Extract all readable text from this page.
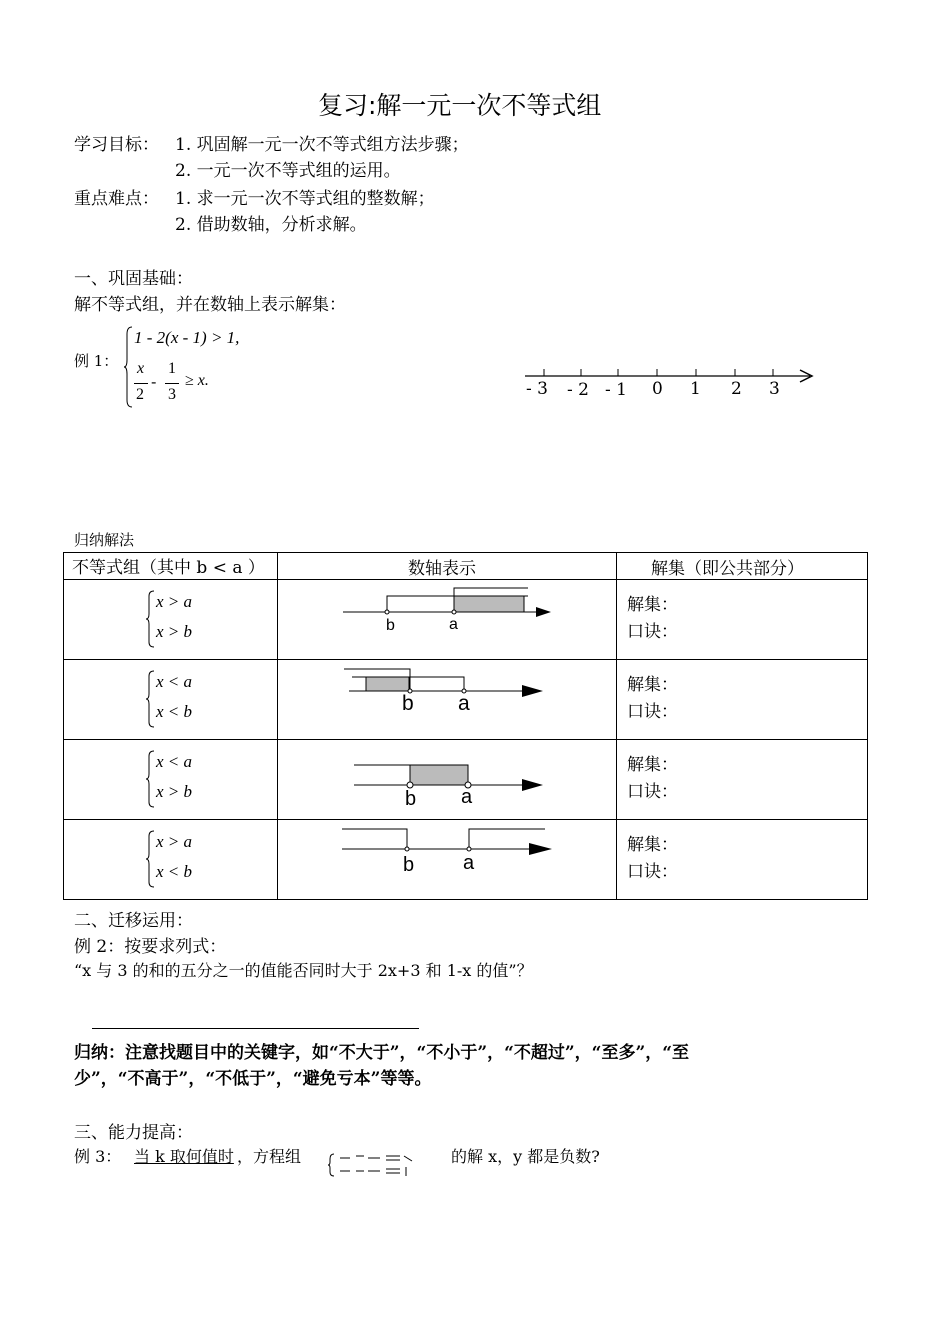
复习:解一元一次不等式组
学习目标： 1. 巩固解一元一次不等式组方法步骤；
2. 一元一次不等式组的运用。
重点难点： 1. 求一元一次不等式组的整数解；
2. 借助数轴，分析求解。
一、巩固基础：
解不等式组，并在数轴上表示解集：
例 1：
1 - 2(x - 1) > 1,
x
2
-
1
3
≥ x.	- 3 - 2 - 1 0 1 2 3
归纳解法
不等式组（其中 b < a ）	数轴表示	解集（即公共部分）

x > a
x > b	b a	解集：
口诀：

x < a
x < b	b a	解集：
口诀：

x < a
x > b	b a	解集：
口诀：

x > a
x < b	b a	解集：
口诀：
二、迁移运用：
例 2：按要求列式：
“x 与 3 的和的五分之一的值能否同时大于 2x+3 和 1-x 的值”？
归纳：注意找题目中的关键字，如“不大于”，“不小于”，“不超过”，“至多”，“至
少”，“不高于”，“不低于”，“避免亏本”等等。
三、能力提高：
例 3： 当 k 取何值时 ，方程组	的解 x，y 都是负数?
